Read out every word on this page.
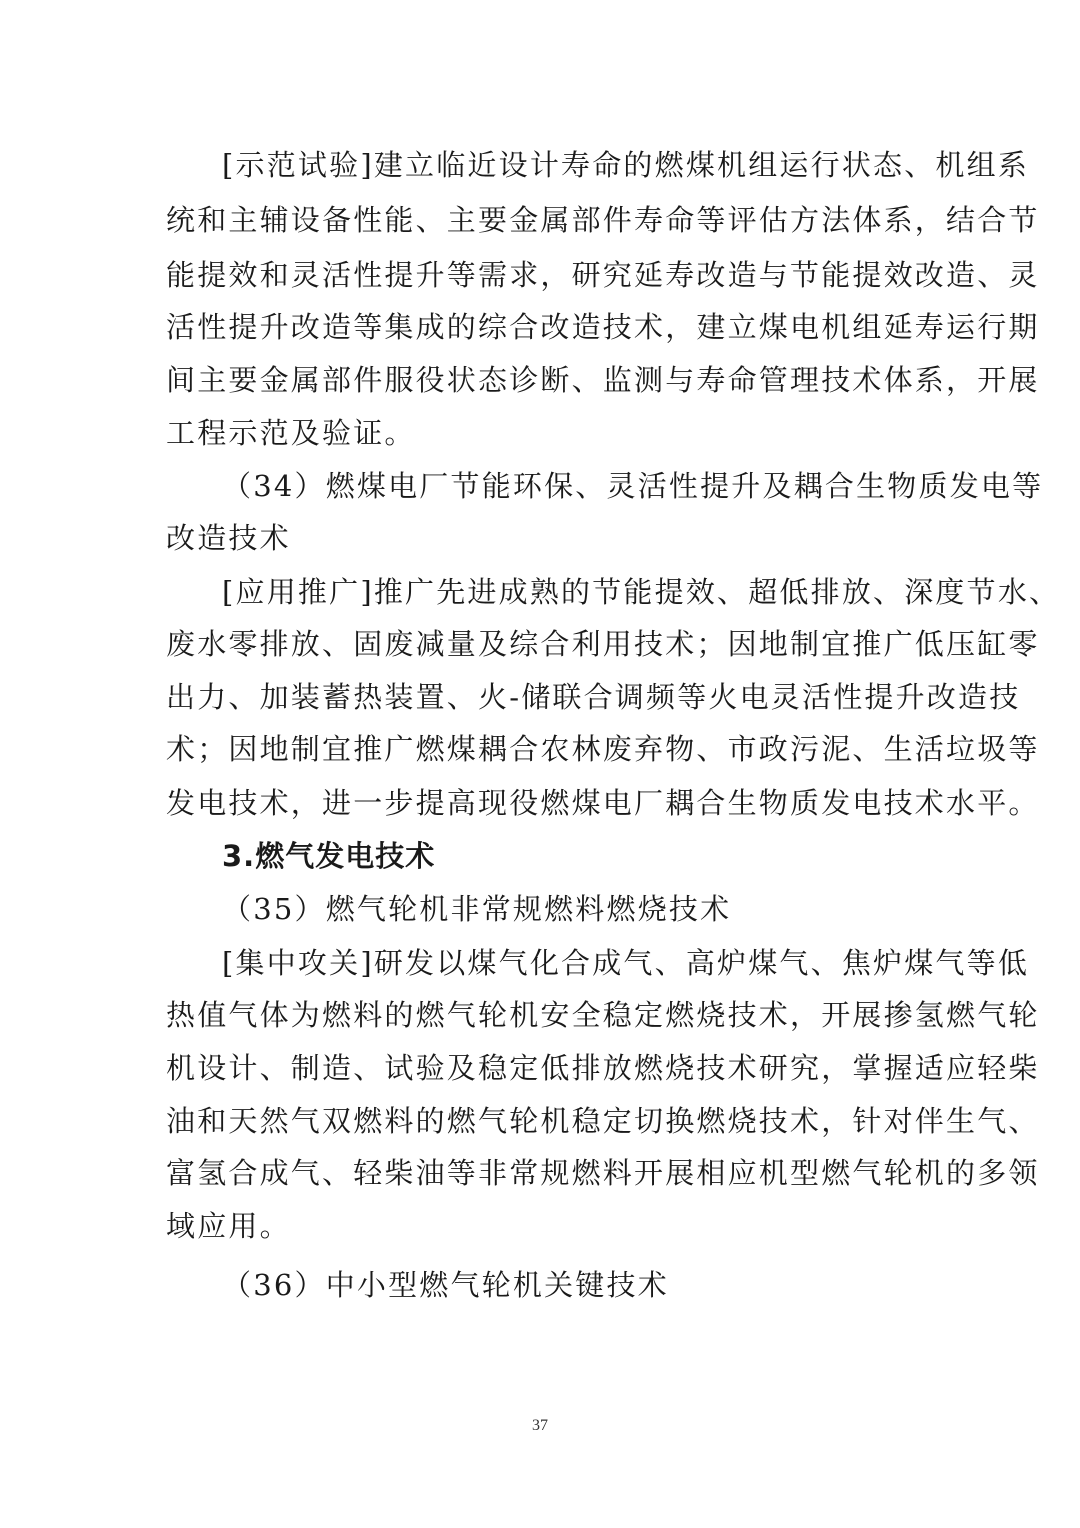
[示范试验]建立临近设计寿命的燃煤机组运行状态、机组系
统和主辅设备性能、主要金属部件寿命等评估方法体系，结合节
能提效和灵活性提升等需求，研究延寿改造与节能提效改造、灵
活性提升改造等集成的综合改造技术，建立煤电机组延寿运行期
间主要金属部件服役状态诊断、监测与寿命管理技术体系，开展
工程示范及验证。
（34）燃煤电厂节能环保、灵活性提升及耦合生物质发电等
改造技术
[应用推广]推广先进成熟的节能提效、超低排放、深度节水、
废水零排放、固废减量及综合利用技术；因地制宜推广低压缸零
出力、加装蓄热装置、火-储联合调频等火电灵活性提升改造技
术；因地制宜推广燃煤耦合农林废弃物、市政污泥、生活垃圾等
发电技术，进一步提高现役燃煤电厂耦合生物质发电技术水平。
3.燃气发电技术
（35）燃气轮机非常规燃料燃烧技术
[集中攻关]研发以煤气化合成气、高炉煤气、焦炉煤气等低
热值气体为燃料的燃气轮机安全稳定燃烧技术，开展掺氢燃气轮
机设计、制造、试验及稳定低排放燃烧技术研究，掌握适应轻柴
油和天然气双燃料的燃气轮机稳定切换燃烧技术，针对伴生气、
富氢合成气、轻柴油等非常规燃料开展相应机型燃气轮机的多领
域应用。
（36）中小型燃气轮机关键技术
37
